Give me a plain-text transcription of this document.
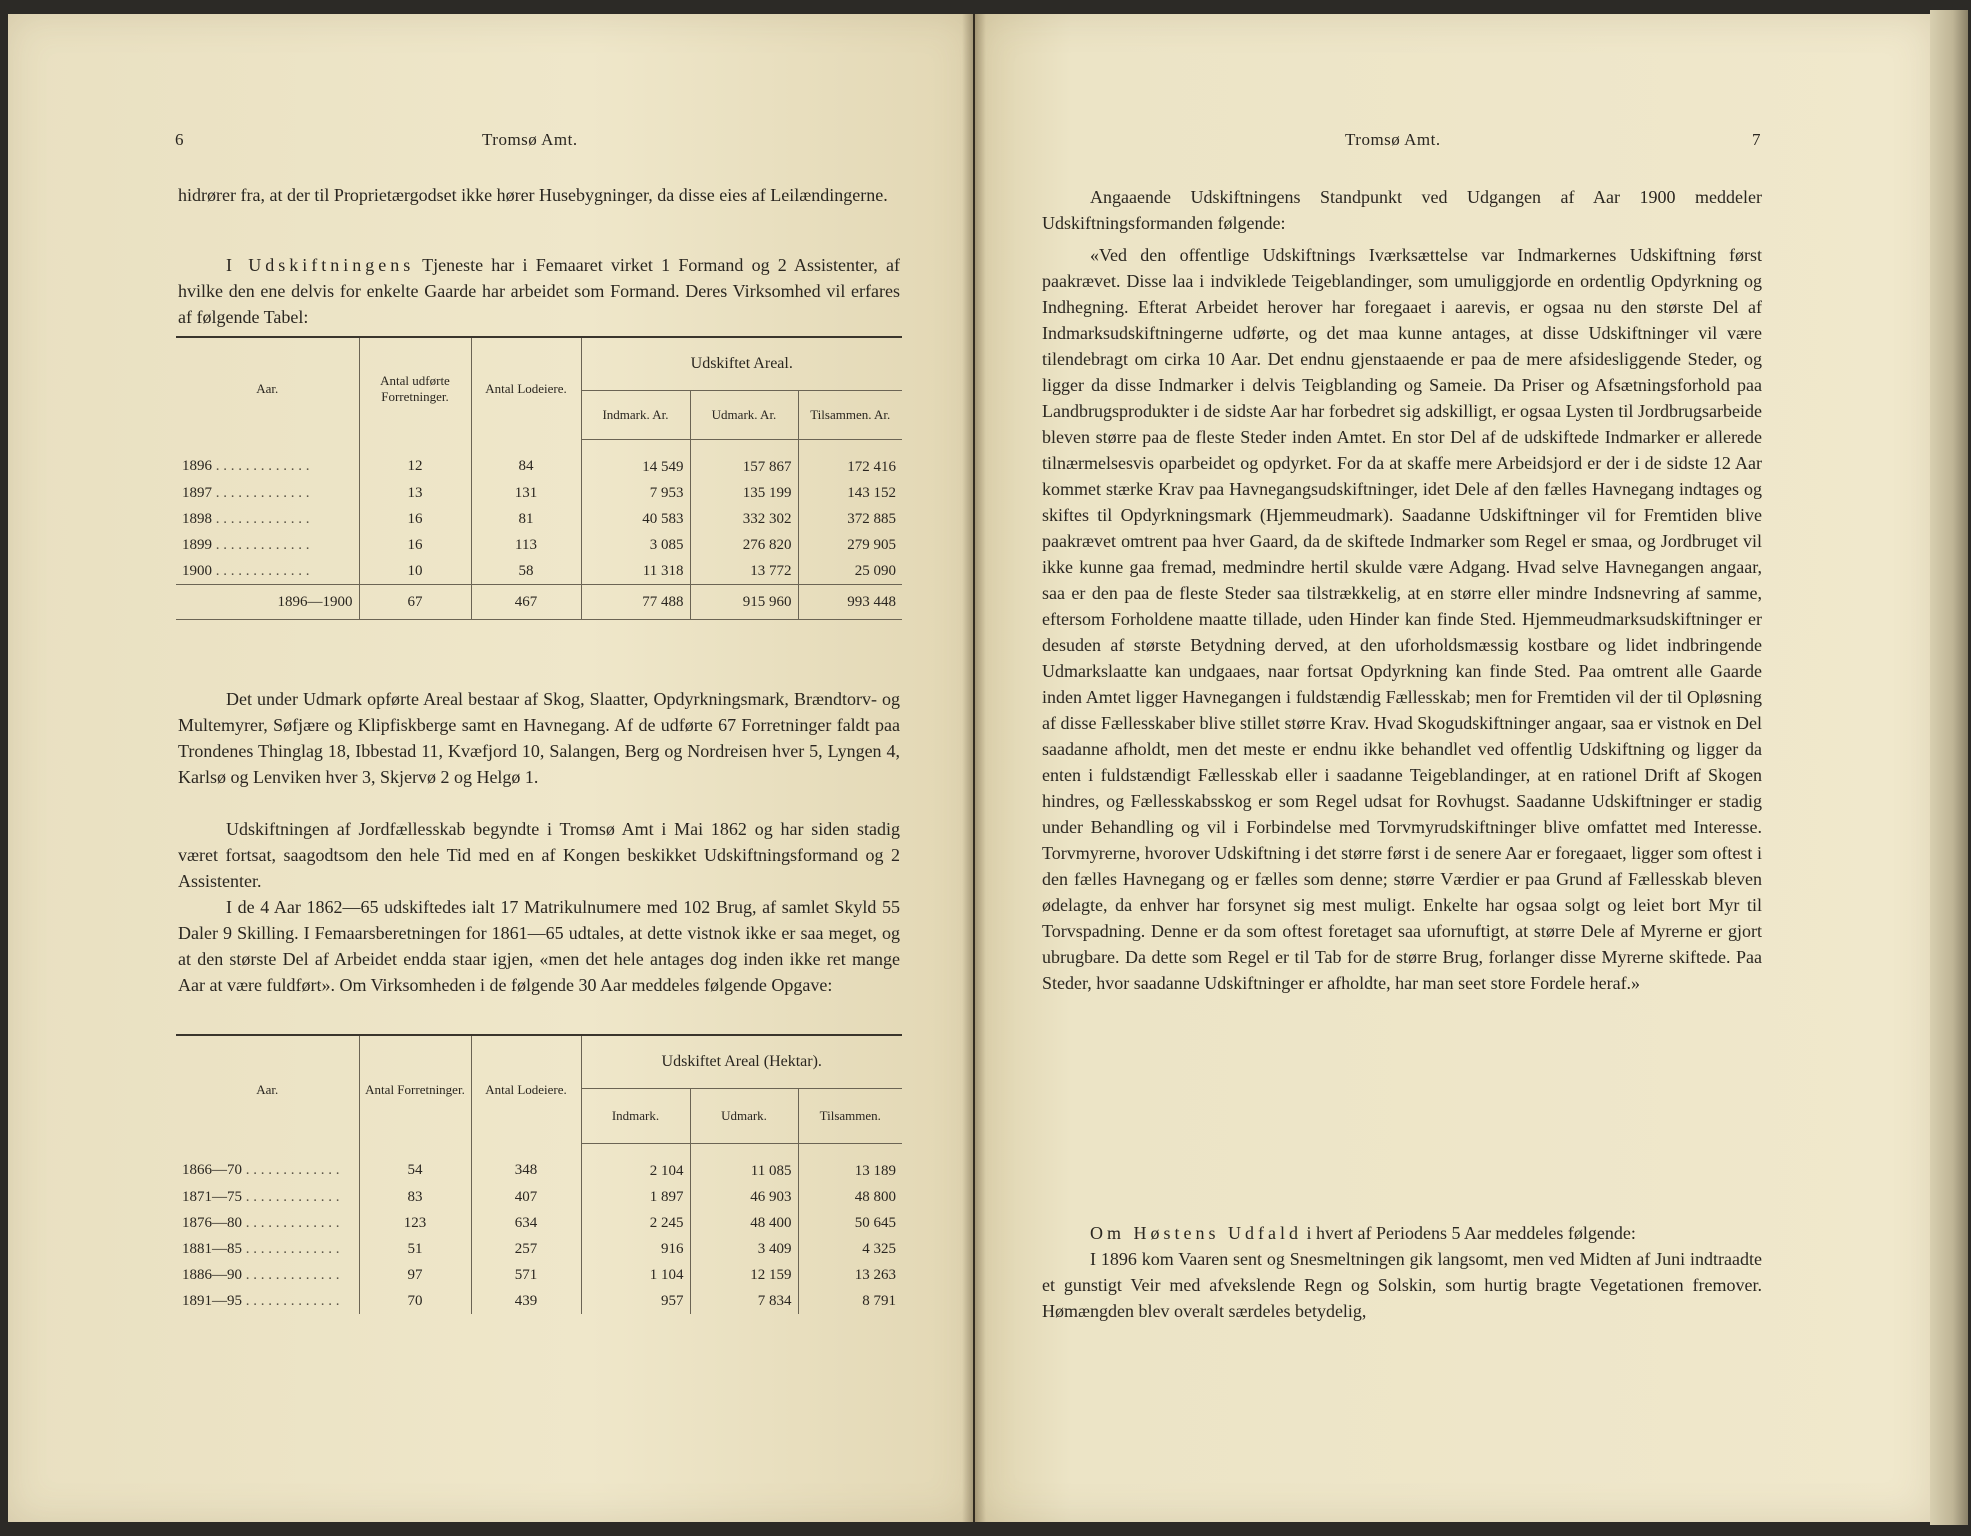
6	Tromsø Amt.

hidrører fra, at der til Proprietærgodset ikke hører Husebygninger, da disse eies af Leilændingerne.

I Udskiftningens Tjeneste har i Femaaret virket 1 Formand og 2 Assistenter, af hvilke den ene delvis for enkelte Gaarde har arbeidet som Formand. Deres Virksomhed vil erfares af følgende Tabel:

Aar.	Antal udførte Forretninger.	Antal Lodeiere.	Udskiftet Areal.		
			Indmark. Ar.	Udmark. Ar.	Tilsammen. Ar.
1896 . . . . . . . . . . . . .	12	84	14 549	157 867	172 416
1897 . . . . . . . . . . . . .	13	131	7 953	135 199	143 152
1898 . . . . . . . . . . . . .	16	81	40 583	332 302	372 885
1899 . . . . . . . . . . . . .	16	113	3 085	276 820	279 905
1900 . . . . . . . . . . . . .	10	58	11 318	13 772	25 090
1896—1900	67	467	77 488	915 960	993 448

Det under Udmark opførte Areal bestaar af Skog, Slaatter, Opdyrkningsmark, Brændtorv- og Multemyrer, Søfjære og Klipfiskberge samt en Havnegang. Af de udførte 67 Forretninger faldt paa Trondenes Thinglag 18, Ibbestad 11, Kvæfjord 10, Salangen, Berg og Nordreisen hver 5, Lyngen 4, Karlsø og Lenviken hver 3, Skjervø 2 og Helgø 1.

Udskiftningen af Jordfællesskab begyndte i Tromsø Amt i Mai 1862 og har siden stadig været fortsat, saagodtsom den hele Tid med en af Kongen beskikket Udskiftningsformand og 2 Assistenter.

I de 4 Aar 1862—65 udskiftedes ialt 17 Matrikulnumere med 102 Brug, af samlet Skyld 55 Daler 9 Skilling. I Femaarsberetningen for 1861—65 udtales, at dette vistnok ikke er saa meget, og at den største Del af Arbeidet endda staar igjen, «men det hele antages dog inden ikke ret mange Aar at være fuldført». Om Virksomheden i de følgende 30 Aar meddeles følgende Opgave:

Aar.	Antal Forretninger.	Antal Lodeiere.	Udskiftet Areal (Hektar).		
			Indmark.	Udmark.	Tilsammen.
1866—70 . . . . . . . . . . . . .	54	348	2 104	11 085	13 189
1871—75 . . . . . . . . . . . . .	83	407	1 897	46 903	48 800
1876—80 . . . . . . . . . . . . .	123	634	2 245	48 400	50 645
1881—85 . . . . . . . . . . . . .	51	257	916	3 409	4 325
1886—90 . . . . . . . . . . . . .	97	571	1 104	12 159	13 263
1891—95 . . . . . . . . . . . . .	70	439	957	7 834	8 791
Tromsø Amt.	7

Angaaende Udskiftningens Standpunkt ved Udgangen af Aar 1900 meddeler Udskiftningsformanden følgende:

«Ved den offentlige Udskiftnings Iværksættelse var Indmarkernes Udskiftning først paakrævet. Disse laa i indviklede Teigeblandinger, som umuliggjorde en ordentlig Opdyrkning og Indhegning. Efterat Arbeidet herover har foregaaet i aarevis, er ogsaa nu den største Del af Indmarksudskiftningerne udførte, og det maa kunne antages, at disse Udskiftninger vil være tilendebragt om cirka 10 Aar. Det endnu gjenstaaende er paa de mere afsidesliggende Steder, og ligger da disse Indmarker i delvis Teigblanding og Sameie. Da Priser og Afsætningsforhold paa Landbrugsprodukter i de sidste Aar har forbedret sig adskilligt, er ogsaa Lysten til Jordbrugsarbeide bleven større paa de fleste Steder inden Amtet. En stor Del af de udskiftede Indmarker er allerede tilnærmelsesvis oparbeidet og opdyrket. For da at skaffe mere Arbeidsjord er der i de sidste 12 Aar kommet stærke Krav paa Havnegangsudskiftninger, idet Dele af den fælles Havnegang indtages og skiftes til Opdyrkningsmark (Hjemmeudmark). Saadanne Udskiftninger vil for Fremtiden blive paakrævet omtrent paa hver Gaard, da de skiftede Indmarker som Regel er smaa, og Jordbruget vil ikke kunne gaa fremad, medmindre hertil skulde være Adgang. Hvad selve Havnegangen angaar, saa er den paa de fleste Steder saa tilstrækkelig, at en større eller mindre Indsnevring af samme, eftersom Forholdene maatte tillade, uden Hinder kan finde Sted. Hjemmeudmarksudskiftninger er desuden af største Betydning derved, at den uforholdsmæssig kostbare og lidet indbringende Udmarkslaatte kan undgaaes, naar fortsat Opdyrkning kan finde Sted. Paa omtrent alle Gaarde inden Amtet ligger Havnegangen i fuldstændig Fællesskab; men for Fremtiden vil der til Opløsning af disse Fællesskaber blive stillet større Krav. Hvad Skogudskiftninger angaar, saa er vistnok en Del saadanne afholdt, men det meste er endnu ikke behandlet ved offentlig Udskiftning og ligger da enten i fuldstændigt Fællesskab eller i saadanne Teigeblandinger, at en rationel Drift af Skogen hindres, og Fællesskabsskog er som Regel udsat for Rovhugst. Saadanne Udskiftninger er stadig under Behandling og vil i Forbindelse med Torvmyrudskiftninger blive omfattet med Interesse. Torvmyrerne, hvorover Udskiftning i det større først i de senere Aar er foregaaet, ligger som oftest i den fælles Havnegang og er fælles som denne; større Værdier er paa Grund af Fællesskab bleven ødelagte, da enhver har forsynet sig mest muligt. Enkelte har ogsaa solgt og leiet bort Myr til Torvspadning. Denne er da som oftest foretaget saa ufornuftigt, at større Dele af Myrerne er gjort ubrugbare. Da dette som Regel er til Tab for de større Brug, forlanger disse Myrerne skiftede. Paa Steder, hvor saadanne Udskiftninger er afholdte, har man seet store Fordele heraf.»

Om Høstens Udfald i hvert af Periodens 5 Aar meddeles følgende:

I 1896 kom Vaaren sent og Snesmeltningen gik langsomt, men ved Midten af Juni indtraadte et gunstigt Veir med afvekslende Regn og Solskin, som hurtig bragte Vegetationen fremover. Hømængden blev overalt særdeles betydelig,
